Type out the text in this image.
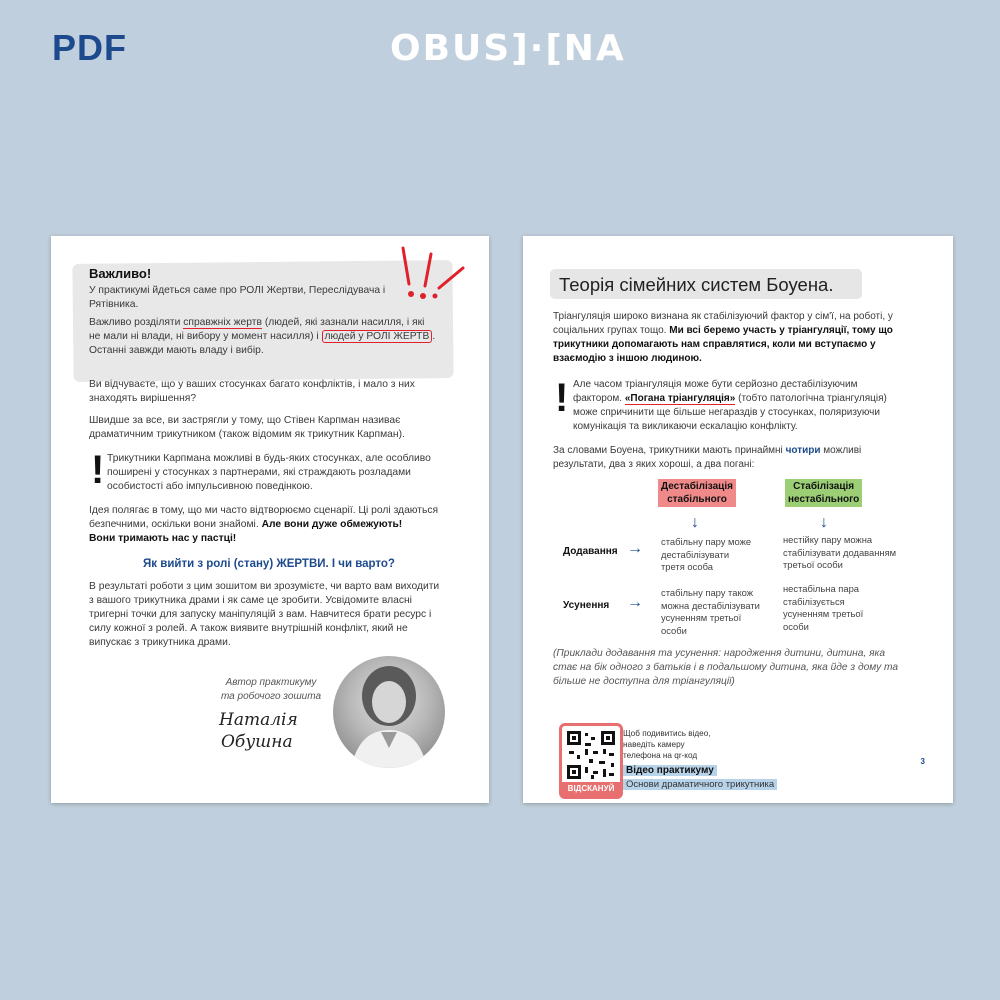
PDF	OBUS]·[NA
Важливо!
У практикумі йдеться саме про РОЛІ Жертви, Переслідувача і
Рятівника.
Важливо розділяти справжніх жертв (людей, які зазнали насилля, і які
не мали ні влади, ні вибору у момент насилля) і людей у РОЛІ ЖЕРТВ .
Останні завжди мають владу і вибір.
Ви відчуваєте, що у ваших стосунках багато конфліктів, і мало з них
знаходять вирішення?
Швидше за все, ви застрягли у тому, що Стівен Карпман називає
драматичним трикутником (також відомим як трикутник Карпман).
! Трикутники Карпмана можливі в будь-яких стосунках, але особливо
поширені у стосунках з партнерами, які страждають розладами
особистості або імпульсивною поведінкою.
Ідея полягає в тому, що ми часто відтворюємо сценарії. Ці ролі здаються
безпечними, оскільки вони знайомі. Але вони дуже обмежують!
Вони тримають нас у пастці!
Як вийти з ролі (стану) ЖЕРТВИ. І чи варто?
В результаті роботи з цим зошитом ви зрозумієте, чи варто вам виходити
з вашого трикутника драми і як саме це зробити. Усвідомите власні
тригерні точки для запуску маніпуляцій з вам. Навчитеся брати ресурс і
силу кожної з ролей. А також виявите внутрішній конфлікт, який не
випускає з трикутника драми.
Автор практикуму
та робочого зошита
Наталія
Обушна
Теорія сімейних систем Боуена.
Тріангуляція широко визнана як стабілізуючий фактор у сім'ї, на роботі, у
соціальних групах тощо. Ми всі беремо участь у тріангуляції, тому що
трикутники допомагають нам справлятися, коли ми вступаємо у
взаємодію з іншою людиною.
! Але часом тріангуляція може бути серйозно дестабілізуючим
фактором. «Погана тріангуляція» (тобто патологічна тріангуляція)
може спричинити ще більше негараздів у стосунках, поляризуючи
комунікація та викликаючи ескалацію конфлікту.
За словами Боуена, трикутники мають принаймні чотири можливі
результати, два з яких хороші, а два погані:
Дестабілізація
стабільного
Стабілізація
нестабільного
↓	↓
Додавання → стабільну пару може
дестабілізувати
третя особа
нестійку пару можна
стабілізувати додаванням
третьої особи
Усунення →
стабільну пару також
можна дестабілізувати
усуненням третьої
особи
нестабільна пара
стабілізується
усуненням третьої
особи
(Приклади додавання та усунення: народження дитини, дитина, яка
стає на бік одного з батьків і в подальшому дитина, яка йде з дому та
більше не доступна для тріангуляції)
ВІДСКАНУЙ
Щоб подивитись відео,
наведіть камеру
телефона на qr-код
Відео практикуму
Основи драматичного трикутника
3
